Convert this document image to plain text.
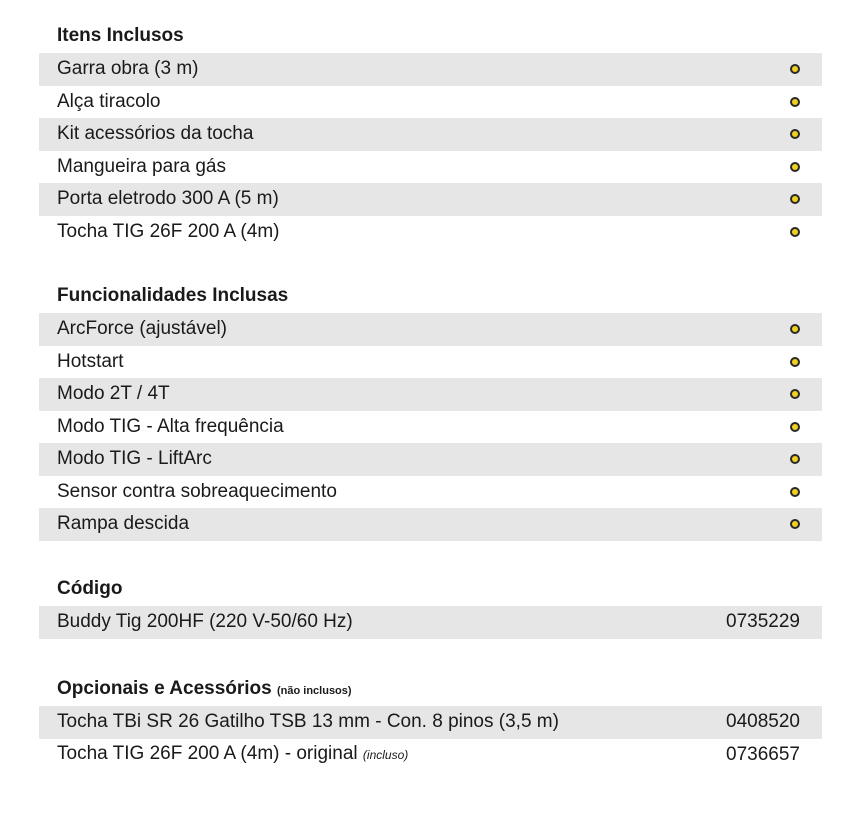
Itens Inclusos
Garra obra (3 m)
Alça tiracolo
Kit acessórios da tocha
Mangueira para gás
Porta eletrodo 300 A (5 m)
Tocha TIG 26F 200 A (4m)
Funcionalidades Inclusas
ArcForce (ajustável)
Hotstart
Modo 2T / 4T
Modo TIG - Alta frequência
Modo TIG - LiftArc
Sensor contra sobreaquecimento
Rampa descida
Código
Buddy Tig 200HF (220 V-50/60 Hz)	0735229
Opcionais e Acessórios (não inclusos)
Tocha TBi SR 26 Gatilho TSB 13 mm - Con. 8 pinos (3,5 m)	0408520
Tocha TIG 26F 200 A (4m) - original (incluso)	0736657
